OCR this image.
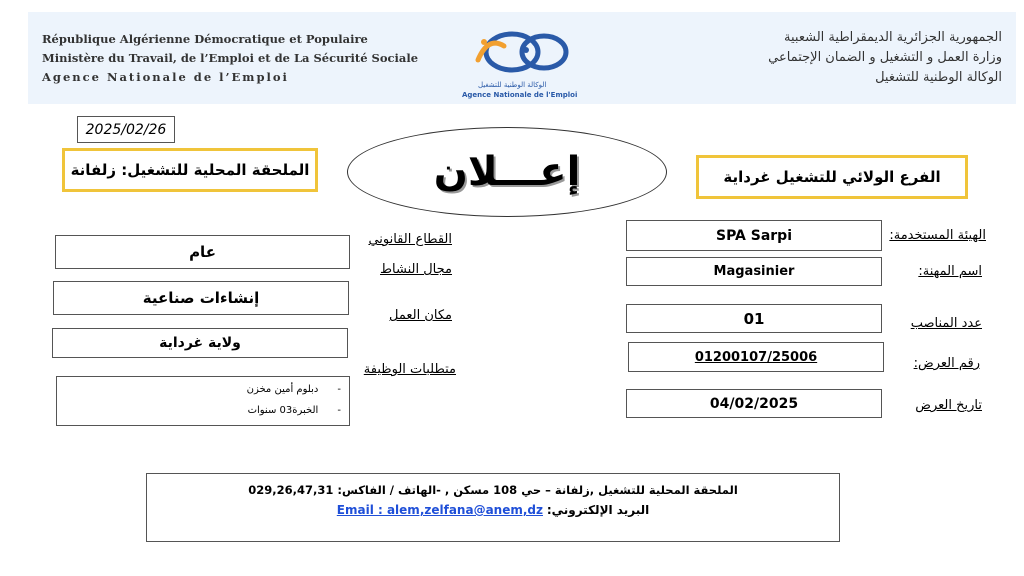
République Algérienne Démocratique et Populaire
Ministère du Travail, de l’Emploi et de La Sécurité Sociale
Agence Nationale de l’Emploi
الوكالة الوطنية للتشغيل
Agence Nationale de l'Emploi
الجمهورية الجزائرية الديمقراطية الشعبية
وزارة العمل و التشغيل و الضمان الإجتماعي
الوكالة الوطنية للتشغيل
2025/02/26
الملحقة المحلية للتشغيل: زلفانة	إعـــلان	الفرع الولائي للتشغيل غرداية
SPA Sarpi
Magasinier
01
01200107/25006
04/02/2025
الهيئة المستخدمة:
اسم المهنة:
عدد المناصب
رقم العرض:
تاريخ العرض
القطاع القانوني
مجال النشاط
مكان العمل
متطلبات الوظيفة
عام
إنشاءات صناعية
ولاية غرداية
-      دبلوم أمين مخزن
-      الخبرة03 سنوات
الملحقة المحلية للتشغيل ,زلفانة – حي 108 مسكن , -الهاتف / الفاكس: 029,26,47,31
البريد الإلكتروني: Email : alem,zelfana@anem,dz
